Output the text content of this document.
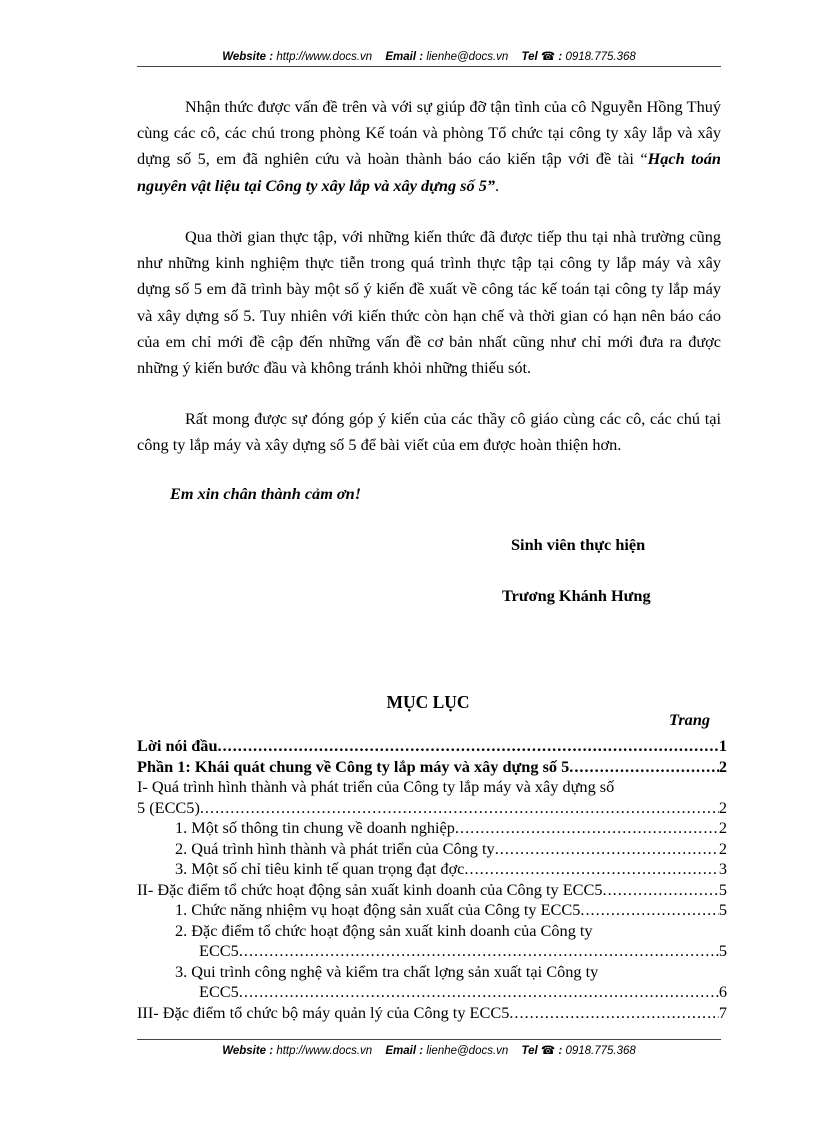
Website : http://www.docs.vn Email : lienhe@docs.vn Tel ☎ : 0918.775.368

Nhận thức được vấn đề trên và với sự giúp đỡ tận tình của cô Nguyễn Hồng Thuý cùng các cô, các chú trong phòng Kế toán và phòng Tổ chức tại công ty xây lắp và xây dựng số 5, em đã nghiên cứu và hoàn thành báo cáo kiến tập với đề tài “Hạch toán nguyên vật liệu tại Công ty xây lắp và xây dựng số 5”.

Qua thời gian thực tập, với những kiến thức đã được tiếp thu tại nhà trường cũng như những kinh nghiệm thực tiễn trong quá trình thực tập tại công ty lắp máy và xây dựng số 5 em đã trình bày một số ý kiến đề xuất về công tác kế toán tại công ty lắp máy và xây dựng số 5. Tuy nhiên với kiến thức còn hạn chế và thời gian có hạn nên báo cáo của em chỉ mới đề cập đến những vấn đề cơ bản nhất cũng như chỉ mới đưa ra được những ý kiến bước đầu và không tránh khỏi những thiếu sót.

Rất mong được sự đóng góp ý kiến của các thầy cô giáo cùng các cô, các chú tại công ty lắp máy và xây dựng số 5 để bài viết của em được hoàn thiện hơn.

Em xin chân thành cảm ơn!
Sinh viên thực hiện
Trương Khánh Hưng
MỤC LỤC
Trang
Lời nói đầu .....	1
Phần 1: Khái quát chung về Công ty lắp máy và xây dựng số 5 .....	2
I- Quá trình hình thành và phát triển của Công ty lắp máy và xây dựng số
5 (ECC5) .....	2
1. Một số thông tin chung về doanh nghiệp .....	2
2. Quá trình hình thành và phát triển của Công ty .....	2
3. Một số chỉ tiêu kinh tế quan trọng đạt đợc .....	3
II- Đặc điểm tổ chức hoạt động sản xuất kinh doanh của Công ty ECC5 .....	5
1. Chức năng nhiệm vụ hoạt động sản xuất của Công ty ECC5 .....	5
2. Đặc điểm tổ chức hoạt động sản xuất kinh doanh của Công ty
ECC5 .....	5
3. Qui trình công nghệ và kiểm tra chất lợng sản xuất tại Công ty
ECC5 .....	6
III- Đặc điểm tổ chức bộ máy quản lý của Công ty ECC5 .....	7
Website : http://www.docs.vn Email : lienhe@docs.vn Tel ☎ : 0918.775.368
